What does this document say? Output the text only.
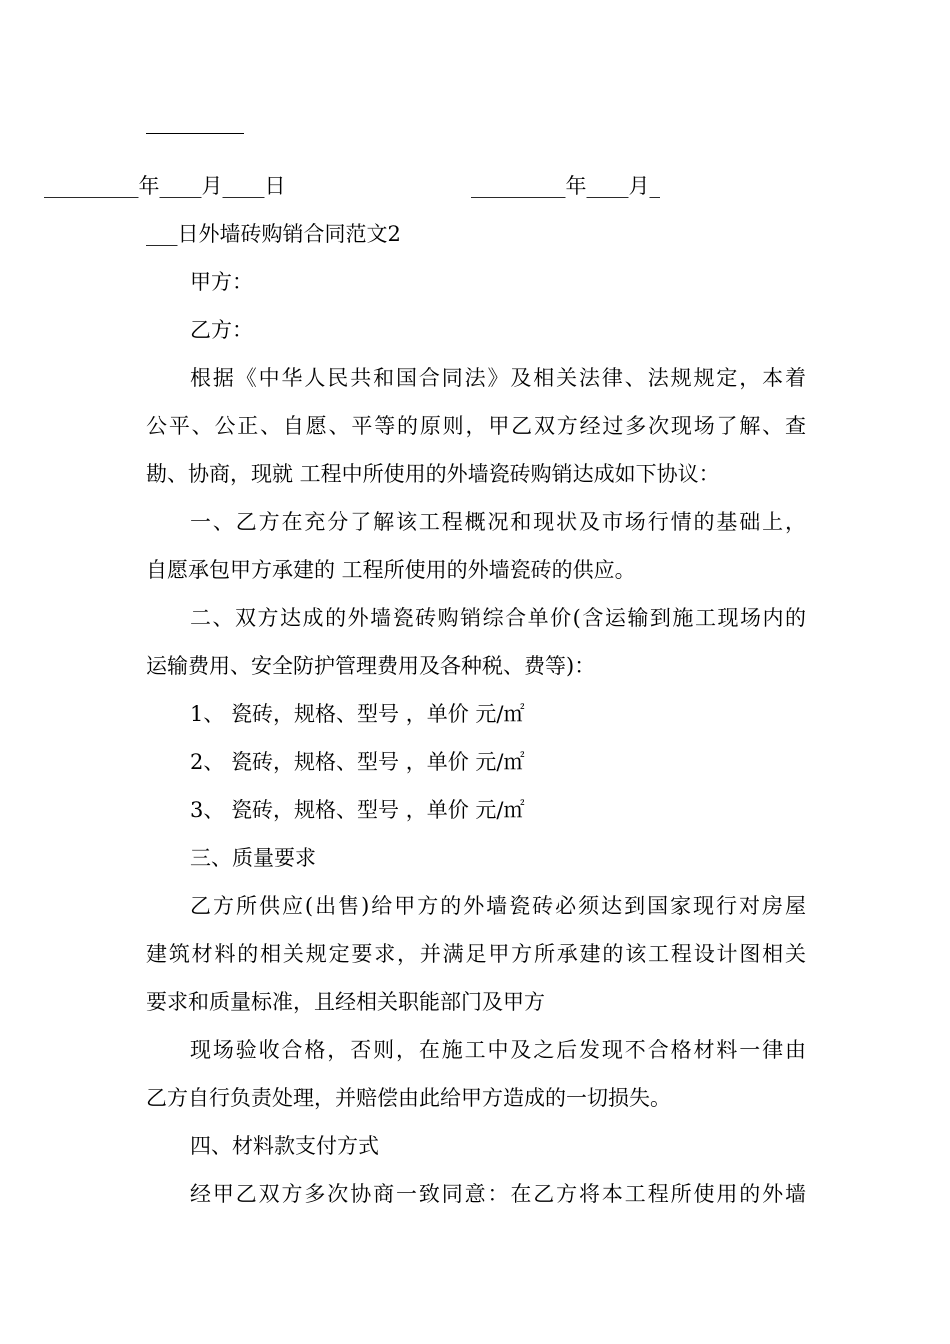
_________年____月____日	_________年____月_
___日外墙砖购销合同范文2
甲方：
乙方：
根据《中华人民共和国合同法》及相关法律、法规规定，本着
公平、公正、自愿、平等的原则，甲乙双方经过多次现场了解、查
勘、协商，现就 工程中所使用的外墙瓷砖购销达成如下协议：
一、乙方在充分了解该工程概况和现状及市场行情的基础上，
自愿承包甲方承建的 工程所使用的外墙瓷砖的供应。
二、双方达成的外墙瓷砖购销综合单价(含运输到施工现场内的
运输费用、安全防护管理费用及各种税、费等)：
1、 瓷砖，规格、型号 ，单价 元/㎡
2、 瓷砖，规格、型号 ，单价 元/㎡
3、 瓷砖，规格、型号 ，单价 元/㎡
三、质量要求
乙方所供应(出售)给甲方的外墙瓷砖必须达到国家现行对房屋
建筑材料的相关规定要求，并满足甲方所承建的该工程设计图相关
要求和质量标准，且经相关职能部门及甲方
现场验收合格，否则，在施工中及之后发现不合格材料一律由
乙方自行负责处理，并赔偿由此给甲方造成的一切损失。
四、材料款支付方式
经甲乙双方多次协商一致同意：在乙方将本工程所使用的外墙
